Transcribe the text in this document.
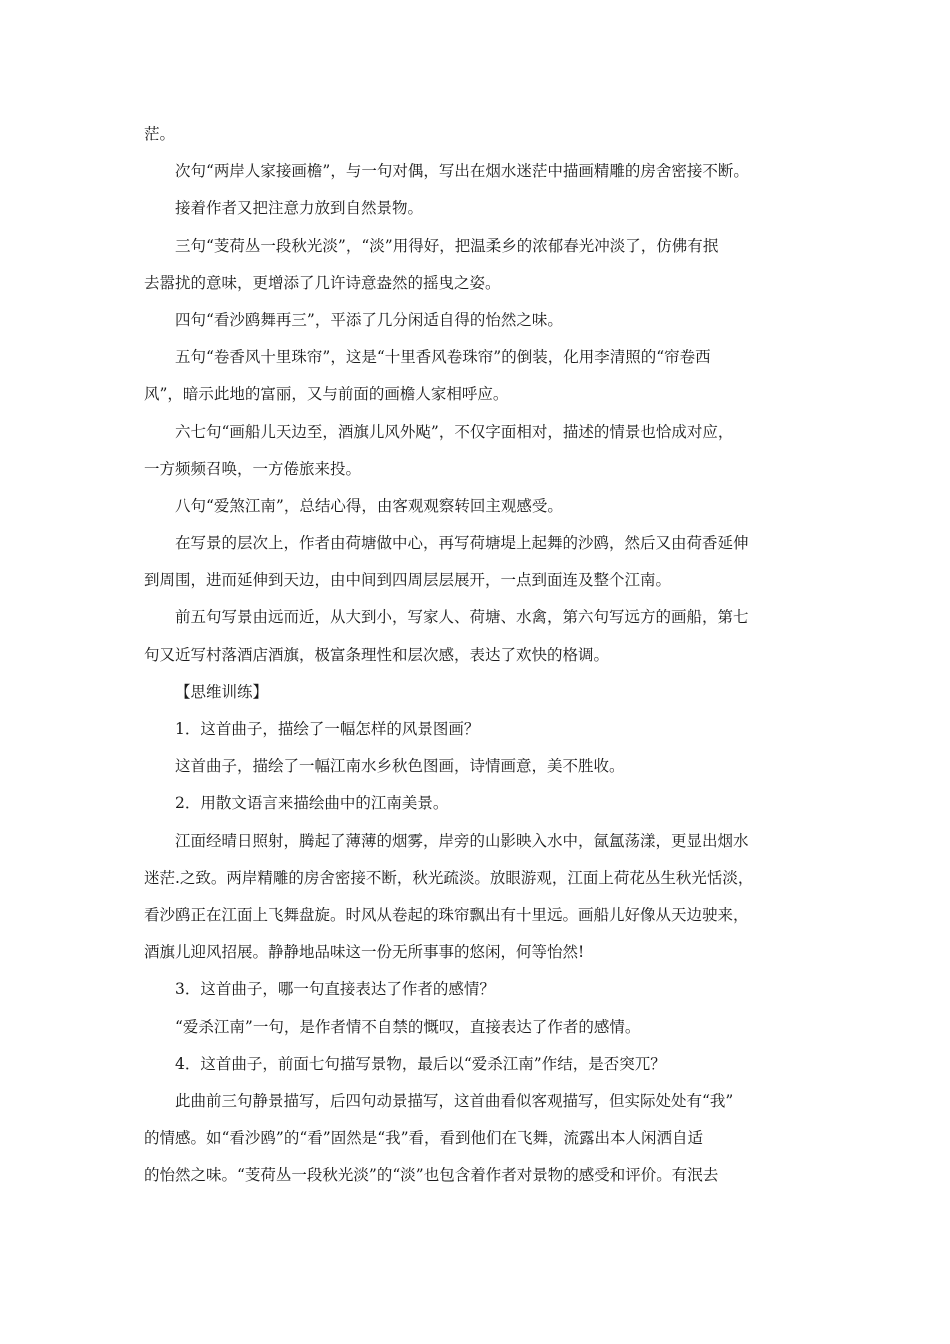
茫。

次句“两岸人家接画檐”，与一句对偶，写出在烟水迷茫中描画精雕的房舍密接不断。

接着作者又把注意力放到自然景物。

三句“芰荷丛一段秋光淡”，“淡”用得好，把温柔乡的浓郁春光冲淡了，仿佛有抿

去嚣扰的意味，更增添了几许诗意盎然的摇曳之姿。

四句“看沙鸥舞再三”，平添了几分闲适自得的怡然之味。

五句“卷香风十里珠帘”，这是“十里香风卷珠帘”的倒装，化用李清照的“帘卷西

风”，暗示此地的富丽，又与前面的画檐人家相呼应。

六七句“画船儿天边至，酒旗儿风外飐”，不仅字面相对，描述的情景也恰成对应，

一方频频召唤，一方倦旅来投。

八句“爱煞江南”，总结心得，由客观观察转回主观感受。

在写景的层次上，作者由荷塘做中心，再写荷塘堤上起舞的沙鸥，然后又由荷香延伸

到周围，进而延伸到天边，由中间到四周层层展开，一点到面连及整个江南。

前五句写景由远而近，从大到小，写家人、荷塘、水禽，第六句写远方的画船，第七

句又近写村落酒店酒旗，极富条理性和层次感，表达了欢快的格调。

【思维训练】

1．这首曲子，描绘了一幅怎样的风景图画？

这首曲子，描绘了一幅江南水乡秋色图画，诗情画意，美不胜收。

2．用散文语言来描绘曲中的江南美景。

江面经晴日照射，腾起了薄薄的烟雾，岸旁的山影映入水中，氤氲荡漾，更显出烟水

迷茫.之致。两岸精雕的房舍密接不断，秋光疏淡。放眼游观，江面上荷花丛生秋光恬淡，

看沙鸥正在江面上飞舞盘旋。时风从卷起的珠帘飘出有十里远。画船儿好像从天边驶来，

酒旗儿迎风招展。静静地品味这一份无所事事的悠闲，何等怡然!

3．这首曲子，哪一句直接表达了作者的感情？

“爱杀江南”一句，是作者情不自禁的慨叹，直接表达了作者的感情。

4．这首曲子，前面七句描写景物，最后以“爱杀江南”作结，是否突兀？

此曲前三句静景描写，后四句动景描写，这首曲看似客观描写，但实际处处有“我”

的情感。如“看沙鸥”的“看”固然是“我”看，看到他们在飞舞，流露出本人闲洒自适

的怡然之味。“芰荷丛一段秋光淡”的“淡”也包含着作者对景物的感受和评价。有泯去
